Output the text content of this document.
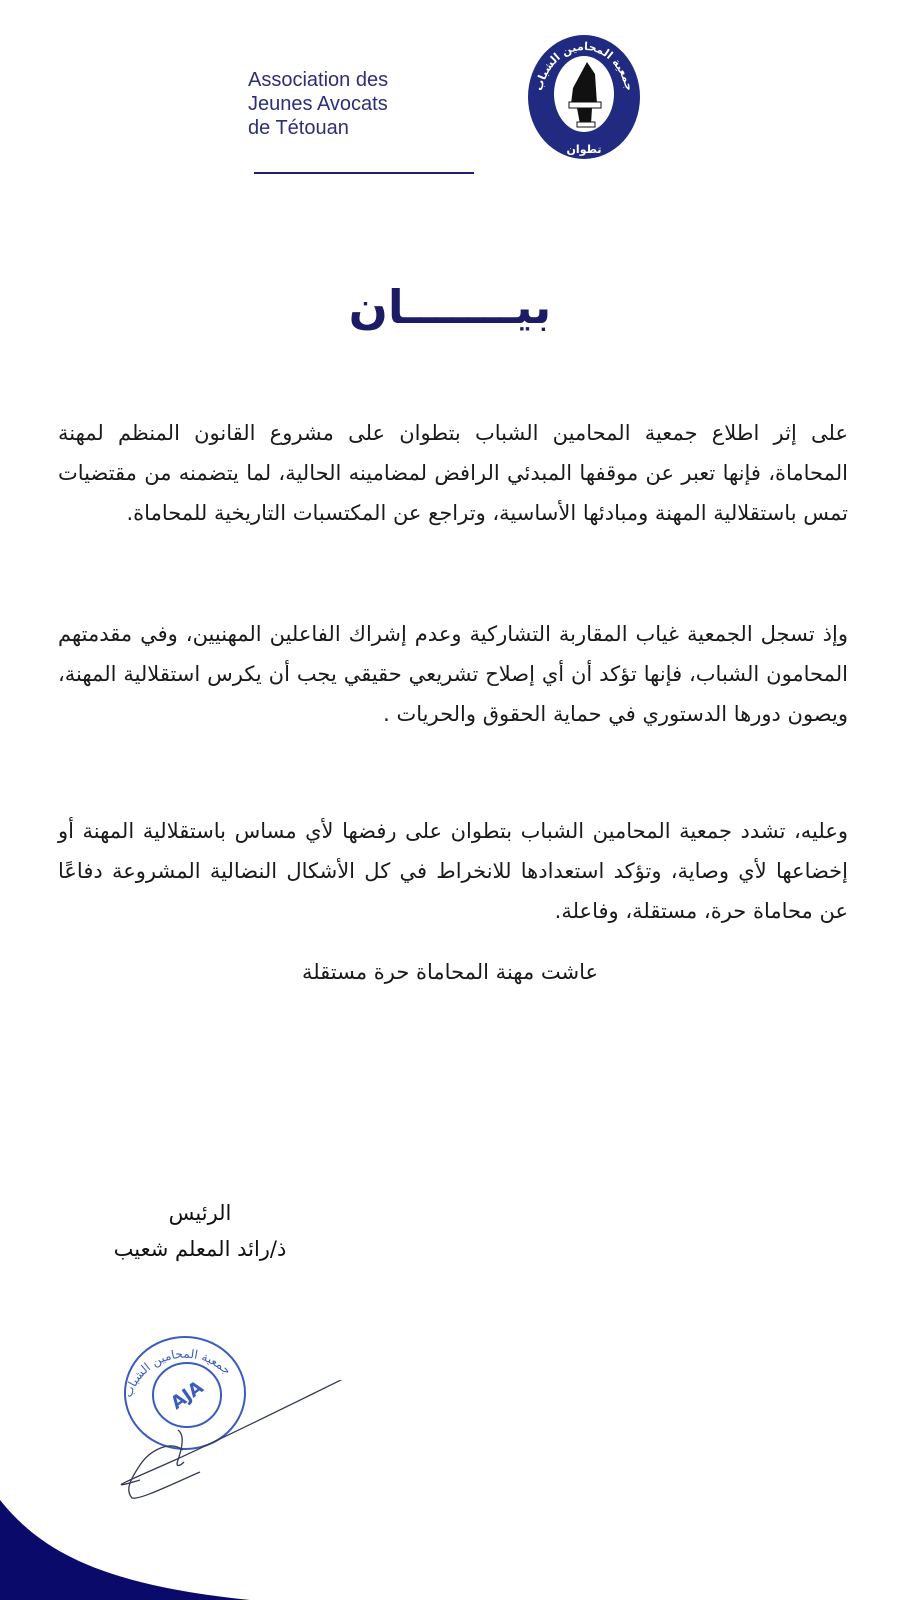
Association des
Jeunes Avocats
de Tétouan
جمعية المحامين الشباب
تطوان
بيـــــــان

على إثر اطلاع جمعية المحامين الشباب بتطوان على مشروع القانون المنظم لمهنة المحاماة، فإنها تعبر عن موقفها المبدئي الرافض لمضامينه الحالية، لما يتضمنه من مقتضيات تمس باستقلالية المهنة ومبادئها الأساسية، وتراجع عن المكتسبات التاريخية للمحاماة.

وإذ تسجل الجمعية غياب المقاربة التشاركية وعدم إشراك الفاعلين المهنيين، وفي مقدمتهم المحامون الشباب، فإنها تؤكد أن أي إصلاح تشريعي حقيقي يجب أن يكرس استقلالية المهنة، ويصون دورها الدستوري في حماية الحقوق والحريات .

وعليه، تشدد جمعية المحامين الشباب بتطوان على رفضها لأي مساس باستقلالية المهنة أو إخضاعها لأي وصاية، وتؤكد استعدادها للانخراط في كل الأشكال النضالية المشروعة دفاعًا عن محاماة حرة، مستقلة، وفاعلة.

عاشت مهنة المحاماة حرة مستقلة

الرئيس
ذ/رائد المعلم شعيب
جمعية المحامين الشباب
AJA
